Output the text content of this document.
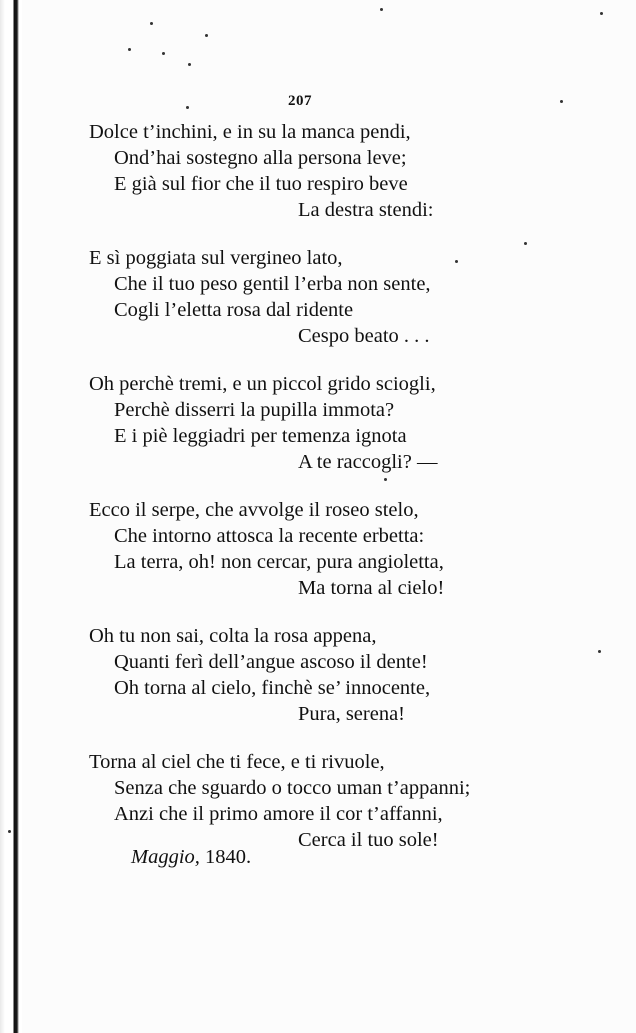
207
Dolce t’inchini, e in su la manca pendi,
Ond’hai sostegno alla persona leve;
E già sul fior che il tuo respiro beve
La destra stendi:
E sì poggiata sul vergineo lato,
Che il tuo peso gentil l’erba non sente,
Cogli l’eletta rosa dal ridente
Cespo beato . . .
Oh perchè tremi, e un piccol grido sciogli,
Perchè disserri la pupilla immota?
E i piè leggiadri per temenza ignota
A te raccogli? —
Ecco il serpe, che avvolge il roseo stelo,
Che intorno attosca la recente erbetta:
La terra, oh! non cercar, pura angioletta,
Ma torna al cielo!
Oh tu non sai, colta la rosa appena,
Quanti ferì dell’angue ascoso il dente!
Oh torna al cielo, finchè se’ innocente,
Pura, serena!
Torna al ciel che ti fece, e ti rivuole,
Senza che sguardo o tocco uman t’appanni;
Anzi che il primo amore il cor t’affanni,
Cerca il tuo sole!
Maggio, 1840.
